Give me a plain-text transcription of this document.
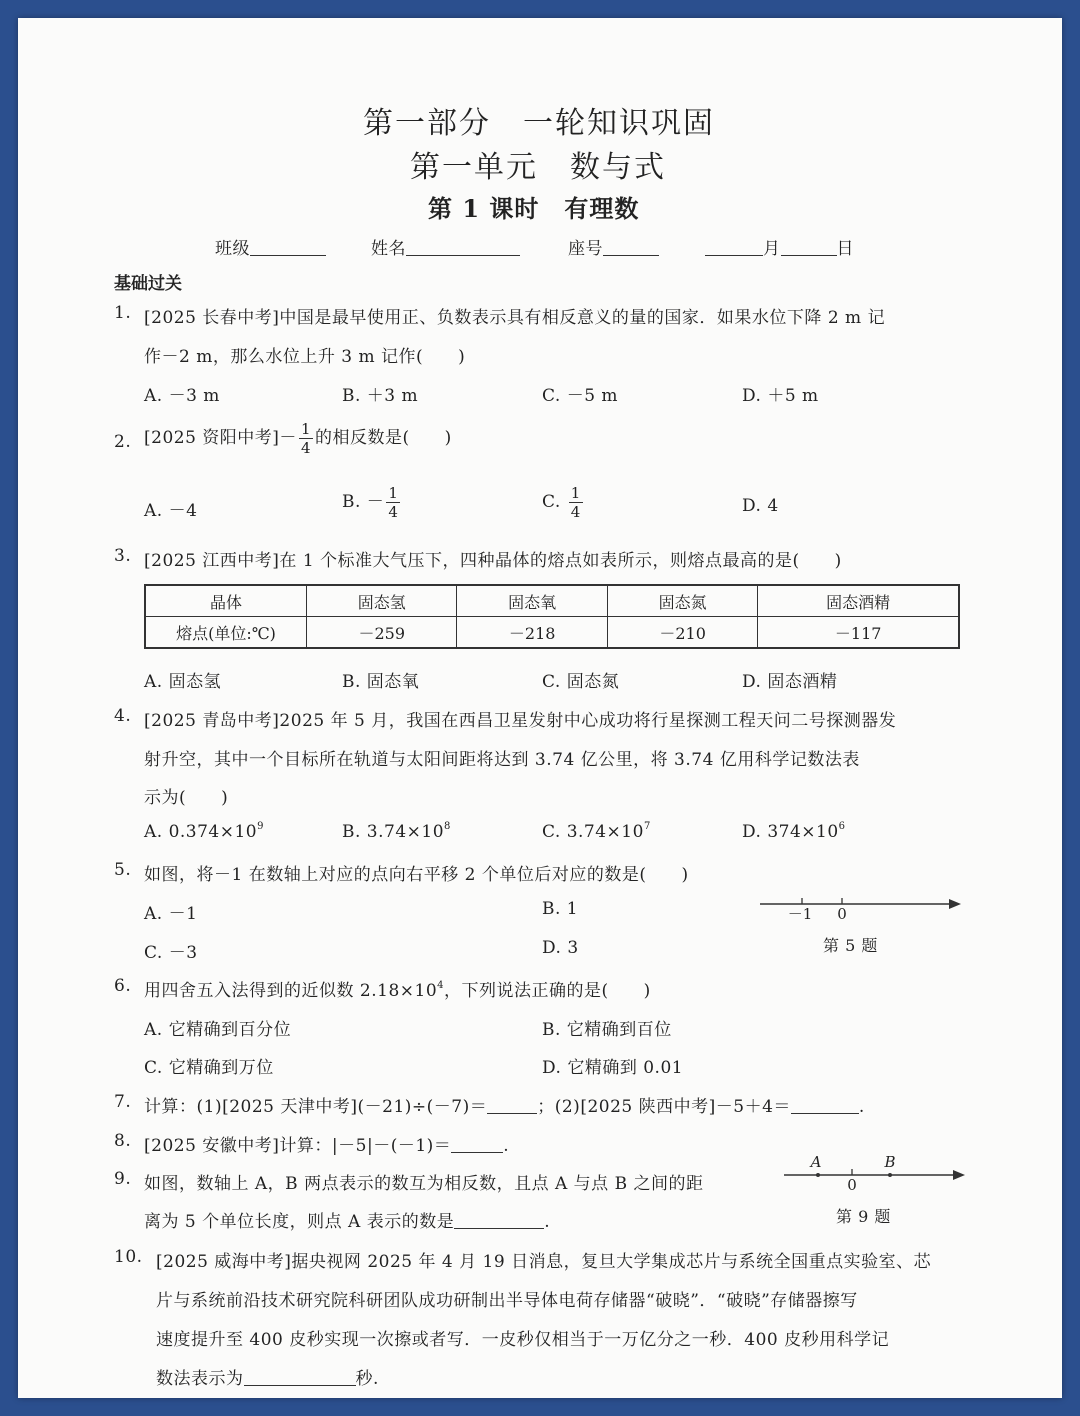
第一部分　一轮知识巩固
第一单元　数与式
第 1 课时　有理数
班级	姓名	座号	月	日
基础过关
1. [2025 长春中考]中国是最早使用正、负数表示具有相反意义的量的国家．如果水位下降 2 m 记
作－2 m，那么水位上升 3 m 记作(　　)
A. －3 m	B. ＋3 m	C. －5 m	D. ＋5 m
2. [2025 资阳中考]－ $\frac{1}{4}$ 的相反数是(　　)
A. －4	B. － $\frac{1}{4}$	C. $\frac{1}{4}$	D. 4
3. [2025 江西中考]在 1 个标准大气压下，四种晶体的熔点如表所示，则熔点最高的是(　　)
晶体	固态氢	固态氧	固态氮	固态酒精
熔点(单位:℃)	－259	－218	－210	－117
A. 固态氢	B. 固态氧	C. 固态氮	D. 固态酒精
4. [2025 青岛中考]2025 年 5 月，我国在西昌卫星发射中心成功将行星探测工程天问二号探测器发
射升空，其中一个目标所在轨道与太阳间距将达到 3.74 亿公里，将 3.74 亿用科学记数法表
示为(　　)
A. $0.374\times 10^9$	B. $3.74\times 10^8$	C. $3.74\times 10^7$	D. $374\times 10^6$
5. 如图，将－1 在数轴上对应的点向右平移 2 个单位后对应的数是(　　)
A. －1	B. 1
C. －3	D. 3
－1 0
第 5 题
6. 用四舍五入法得到的近似数 $2.18\times 10^4$，下列说法正确的是(　　)
A. 它精确到百分位	B. 它精确到百位
C. 它精确到万位	D. 它精确到 0.01
7. 计算：(1)[2025 天津中考](－21)÷(－7)＝	；(2)[2025 陕西中考]－5＋4＝	.
8. [2025 安徽中考]计算：|－5|－(－1)＝	.
9. 如图，数轴上 A，B 两点表示的数互为相反数，且点 A 与点 B 之间的距
离为 5 个单位长度，则点 A 表示的数是	.
A	B
0
第 9 题
10. [2025 威海中考]据央视网 2025 年 4 月 19 日消息，复旦大学集成芯片与系统全国重点实验室、芯
片与系统前沿技术研究院科研团队成功研制出半导体电荷存储器“破晓”．“破晓”存储器擦写
速度提升至 400 皮秒实现一次擦或者写．一皮秒仅相当于一万亿分之一秒．400 皮秒用科学记
数法表示为	秒.
